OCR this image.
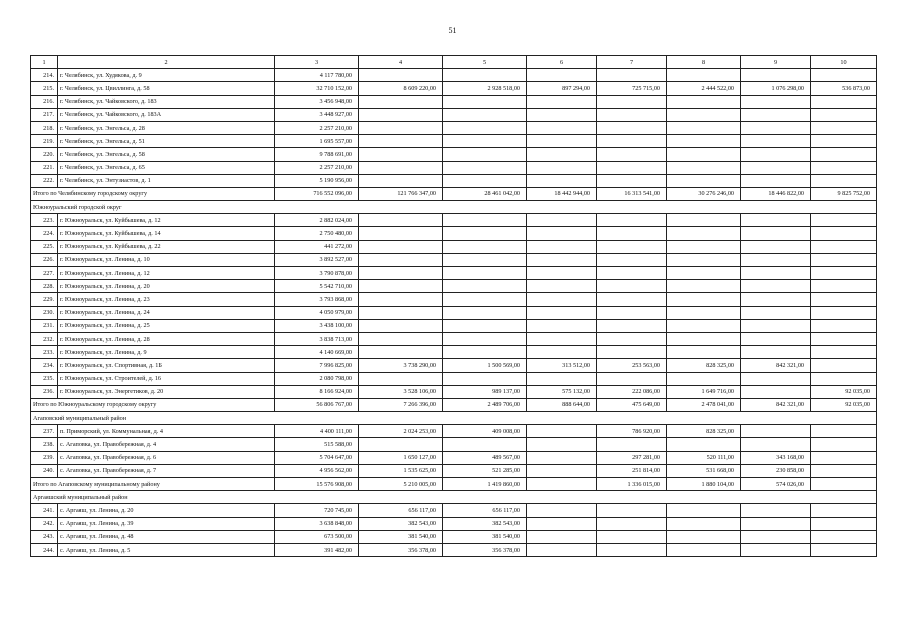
51
1	2	3	4	5	6	7	8	9	10
214.	г. Челябинск, ул. Худякова, д. 9	4 117 780,00							
215.	г. Челябинск, ул. Цвиллинга, д. 58	32 710 152,00	8 609 220,00	2 928 518,00	897 294,00	725 715,00	2 444 522,00	1 076 298,00	536 873,00
216.	г. Челябинск, ул. Чайковского, д. 183	3 456 948,00							
217.	г. Челябинск, ул. Чайковского, д. 183А	3 448 927,00							
218.	г. Челябинск, ул. Энгельса, д. 28	2 257 210,00							
219.	г. Челябинск, ул. Энгельса, д. 51	1 695 557,00							
220.	г. Челябинск, ул. Энгельса, д. 58	9 788 691,00							
221.	г. Челябинск, ул. Энгельса, д. 65	2 257 210,00							
222.	г. Челябинск, ул. Энтузиастов, д. 1	5 190 956,00							
Итого по Челябинскому городскому округу		716 552 096,00	121 766 347,00	28 461 042,00	18 442 944,00	16 313 541,00	30 276 246,00	18 446 822,00	9 825 752,00
Южноуральский городской округ									
223.	г. Южноуральск, ул. Куйбышева, д. 12	2 882 024,00							
224.	г. Южноуральск, ул. Куйбышева, д. 14	2 750 480,00							
225.	г. Южноуральск, ул. Куйбышева, д. 22	441 272,00							
226.	г. Южноуральск, ул. Ленина, д. 10	3 892 527,00							
227.	г. Южноуральск, ул. Ленина, д. 12	3 790 878,00							
228.	г. Южноуральск, ул. Ленина, д. 20	5 542 710,00							
229.	г. Южноуральск, ул. Ленина, д. 23	3 793 868,00							
230.	г. Южноуральск, ул. Ленина, д. 24	4 050 979,00							
231.	г. Южноуральск, ул. Ленина, д. 25	3 438 100,00							
232.	г. Южноуральск, ул. Ленина, д. 28	3 838 713,00							
233.	г. Южноуральск, ул. Ленина, д. 9	4 140 669,00							
234.	г. Южноуральск, ул. Спортивная, д. 1Б	7 996 825,00	3 738 290,00	1 500 569,00	313 512,00	253 563,00	828 325,00	842 321,00	
235.	г. Южноуральск, ул. Строителей, д. 16	2 080 798,00							
236.	г. Южноуральск, ул. Энергетиков, д. 20	8 166 924,00	3 528 106,00	989 137,00	575 132,00	222 086,00	1 649 716,00		92 035,00
Итого по Южноуральскому городскому округу		56 806 767,00	7 266 396,00	2 489 706,00	888 644,00	475 649,00	2 478 041,00	842 321,00	92 035,00
Агаповский муниципальный район									
237.	п. Приморский, ул. Коммунальная, д. 4	4 400 111,00	2 024 253,00	409 008,00		786 920,00	828 325,00		
238.	с. Агаповка, ул. Правобережная, д. 4	515 588,00							
239.	с. Агаповка, ул. Правобережная, д. 6	5 704 647,00	1 650 127,00	489 567,00		297 281,00	520 111,00	343 168,00	
240.	с. Агаповка, ул. Правобережная, д. 7	4 956 562,00	1 535 625,00	521 285,00		251 814,00	531 668,00	230 858,00	
Итого по Агаповскому муниципальному району		15 576 908,00	5 210 005,00	1 419 860,00		1 336 015,00	1 880 104,00	574 026,00	
Аргаяшский муниципальный район									
241.	с. Аргаяш, ул. Ленина, д. 20	720 745,00	656 117,00	656 117,00					
242.	с. Аргаяш, ул. Ленина, д. 39	3 638 848,00	382 543,00	382 543,00					
243.	с. Аргаяш, ул. Ленина, д. 48	673 500,00	381 540,00	381 540,00					
244.	с. Аргаяш, ул. Ленина, д. 5	391 482,00	356 378,00	356 378,00					
